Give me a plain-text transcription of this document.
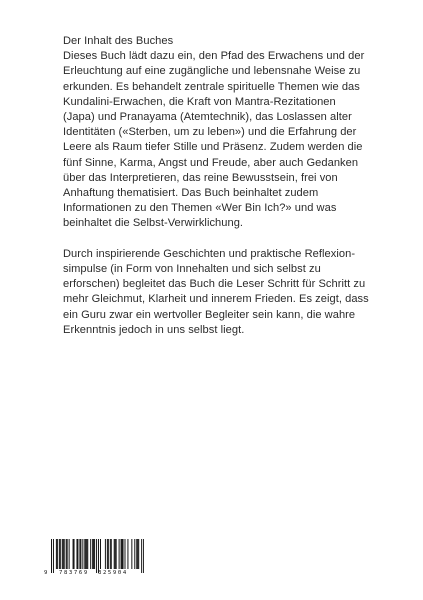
Der Inhalt des Buches

Dieses Buch lädt dazu ein, den Pfad des Erwachens und der Erleuchtung auf eine zugängliche und lebensnahe Weise zu erkunden. Es behandelt zentrale spirituelle Themen wie das Kundalini-Erwachen, die Kraft von Mantra-Rezitationen (Japa) und Pranayama (Atemtechnik), das Loslassen alter Identitäten («Sterben, um zu leben») und die Erfahrung der Leere als Raum tiefer Stille und Präsenz. Zudem werden die fünf Sinne, Karma, Angst und Freude, aber auch Gedanken über das Interpretieren, das reine Bewusstsein, frei von Anhaftung thematisiert. Das Buch beinhaltet zudem Informationen zu den Themen «Wer Bin Ich?» und was beinhaltet die Selbst-Verwirklichung.

Durch inspirierende Geschichten und praktische Reflexionsimpulse (in Form von Innehalten und sich selbst zu erforschen) begleitet das Buch die Leser Schritt für Schritt zu mehr Gleichmut, Klarheit und innerem Frieden. Es zeigt, dass ein Guru zwar ein wertvoller Begleiter sein kann, die wahre Erkenntnis jedoch in uns selbst liegt.

9 783769 325904
